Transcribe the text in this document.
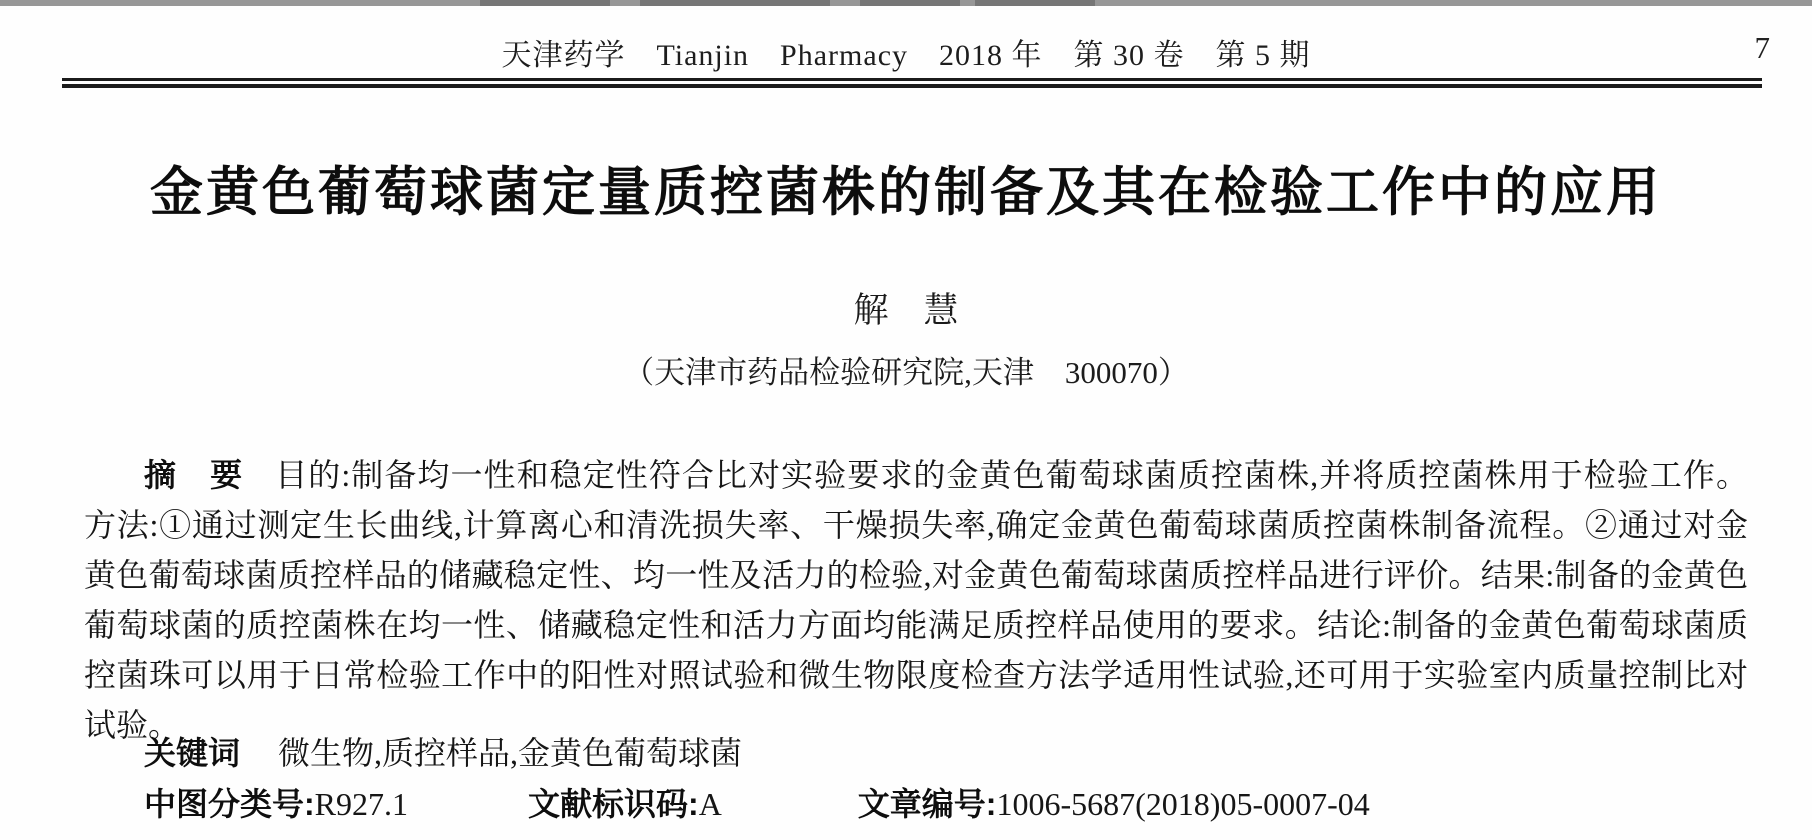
天津药学　Tianjin　Pharmacy　2018 年　第 30 卷　第 5 期	7
金黄色葡萄球菌定量质控菌株的制备及其在检验工作中的应用
解　慧
（天津市药品检验研究院,天津　300070）
摘　要 目的:制备均一性和稳定性符合比对实验要求的金黄色葡萄球菌质控菌株,并将质控菌株用于检验工作。
方法:①通过测定生长曲线,计算离心和清洗损失率、干燥损失率,确定金黄色葡萄球菌质控菌株制备流程。②通过对金
黄色葡萄球菌质控样品的储藏稳定性、均一性及活力的检验,对金黄色葡萄球菌质控样品进行评价。结果:制备的金黄色
葡萄球菌的质控菌株在均一性、储藏稳定性和活力方面均能满足质控样品使用的要求。结论:制备的金黄色葡萄球菌质
控菌珠可以用于日常检验工作中的阳性对照试验和微生物限度检查方法学适用性试验,还可用于实验室内质量控制比对
试验。
关键词 微生物,质控样品,金黄色葡萄球菌
中图分类号:R927.1	文献标识码:A	文章编号:1006-5687(2018)05-0007-04
